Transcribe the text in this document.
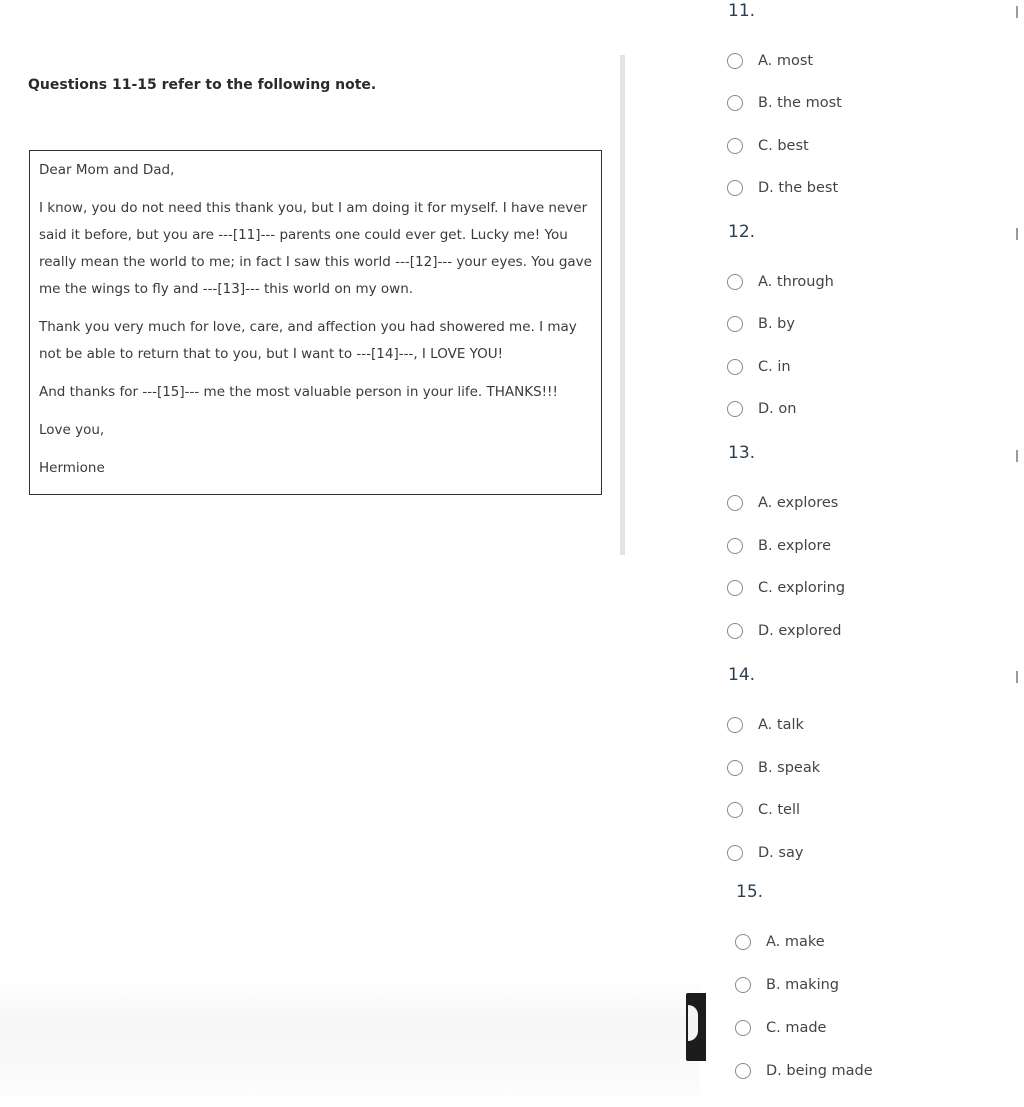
Questions 11-15 refer to the following note.

Dear Mom and Dad,

I know, you do not need this thank you, but I am doing it for myself. I have never said it before, but you are ---[11]--- parents one could ever get. Lucky me! You really mean the world to me; in fact I saw this world ---[12]--- your eyes. You gave me the wings to fly and ---[13]--- this world on my own.

Thank you very much for love, care, and affection you had showered me. I may not be able to return that to you, but I want to ---[14]---, I LOVE YOU!

And thanks for ---[15]--- me the most valuable person in your life. THANKS!!!

Love you,

Hermione

11.
A. most
B. the most
C. best
D. the best
12.
A. through
B. by
C. in
D. on
13.
A. explores
B. explore
C. exploring
D. explored
14.
A. talk
B. speak
C. tell
D. say
15.
A. make
B. making
C. made
D. being made
